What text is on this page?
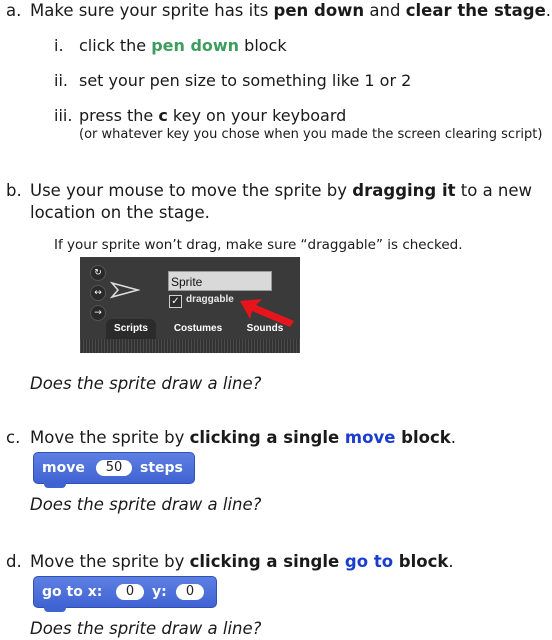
a. Make sure your sprite has its pen down and clear the stage.
i. click the pen down block
ii. set your pen size to something like 1 or 2
iii. press the c key on your keyboard
(or whatever key you chose when you made the screen clearing script)
b. Use your mouse to move the sprite by dragging it to a new
location on the stage.
If your sprite won’t drag, make sure “draggable” is checked.
↻
↔
→
Sprite
✓ draggable
Scripts	Costumes	Sounds
Does the sprite draw a line?
c. Move the sprite by clicking a single move block.
move	50	steps
Does the sprite draw a line?
d. Move the sprite by clicking a single go to block.
go to x:	0	y:	0
Does the sprite draw a line?
